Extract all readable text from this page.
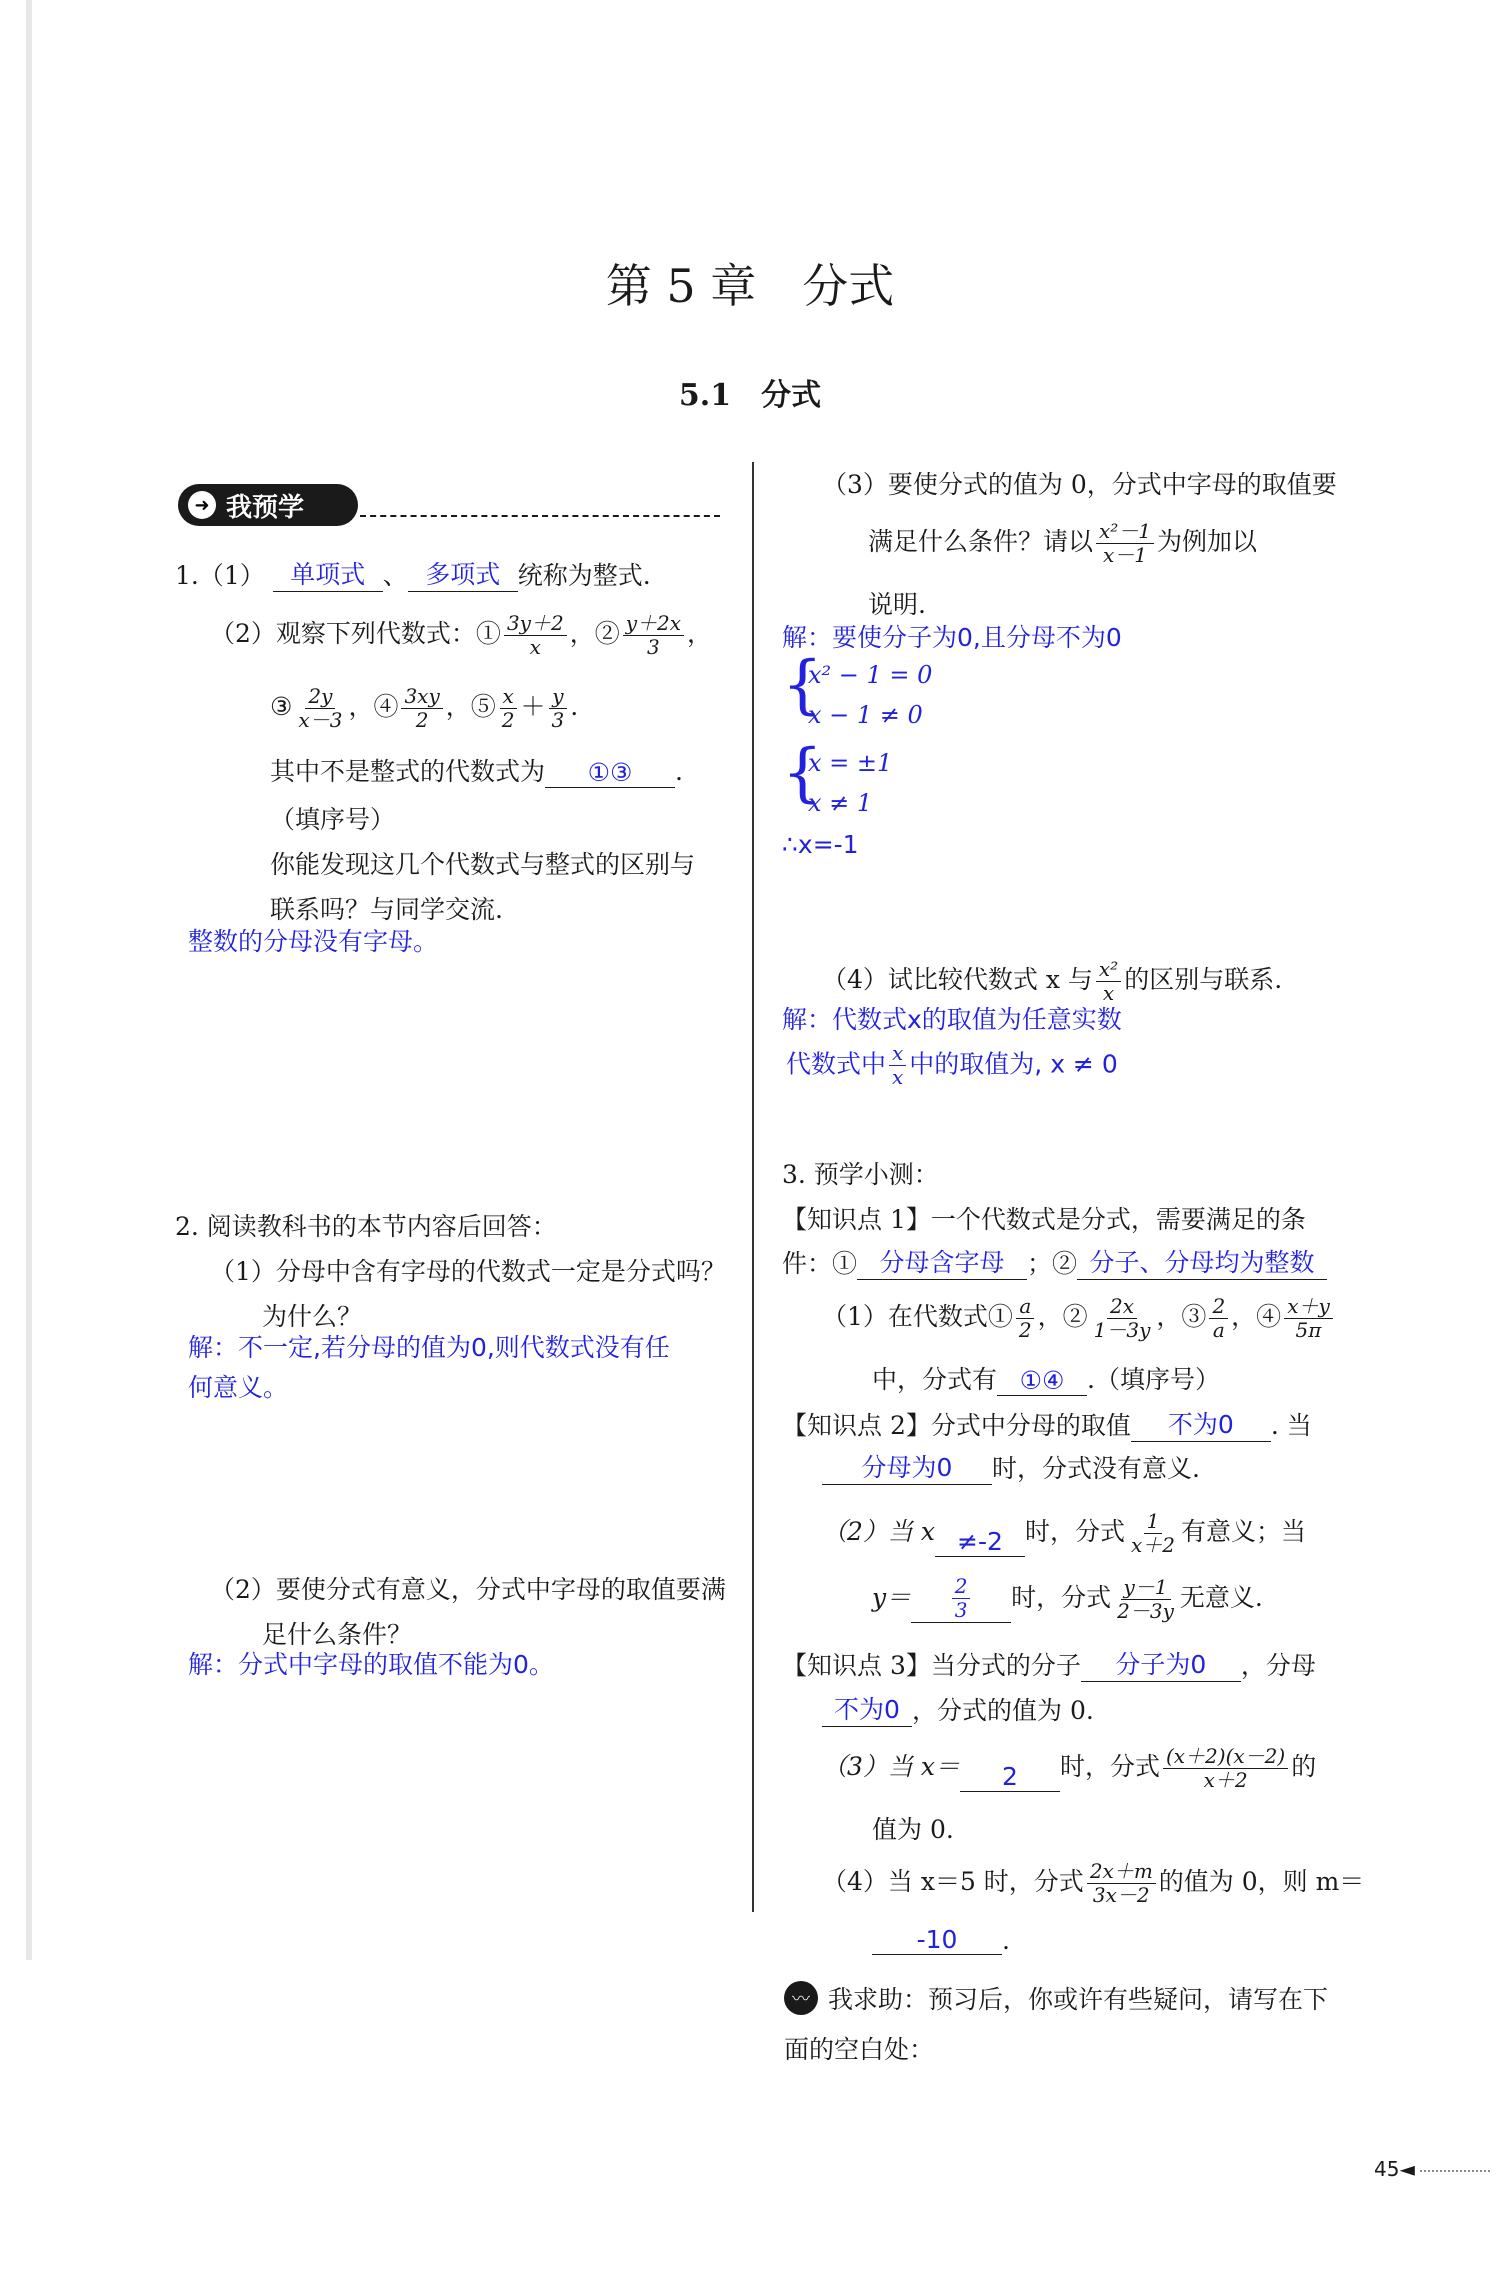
第 5 章　分式
5.1　分式
➜ 我预学
1.（1） 单项式 、 多项式 统称为整式.
（2）观察下列代数式：① $\frac{3y+2}{x}$ ，② $\frac{y+2x}{3}$ ，
③ $\frac{2y}{x-3}$ ，④ $\frac{3xy}{2}$ ，⑤ $\frac{x}{2} + \frac{y}{3}$ .
其中不是整式的代数式为 ①③ .
（填序号）
你能发现这几个代数式与整式的区别与
联系吗？与同学交流.
整数的分母没有字母。
2. 阅读教科书的本节内容后回答：
（1）分母中含有字母的代数式一定是分式吗？
为什么？
解：不一定,若分母的值为0,则代数式没有任
何意义。
（2）要使分式有意义，分式中字母的取值要满
足什么条件？
解：分式中字母的取值不能为0。
（3）要使分式的值为 0，分式中字母的取值要
满足什么条件？请以 $\frac{\text{x²－1}}{x-1}$ 为例加以
说明.
解：要使分子为0,且分母不为0
{
x² − 1 = 0
x − 1 ≠ 0
{
x = ±1
x ≠ 1
∴x=-1
（4）试比较代数式 x 与 $\frac{\text{x²}}{x}$ 的区别与联系.
解：代数式x的取值为任意实数
代数式中 $\frac{x}{x}$ 中的取值为, x ≠ 0
3. 预学小测：
【知识点 1】一个代数式是分式，需要满足的条
件：① 分母含字母 ；② 分子、分母均为整数
（1）在代数式① $\frac{a}{2}$ ，② $\frac{2x}{1-3y}$ ，③ $\frac{2}{a}$ ，④ $\frac{x+y}{5\pi}$
中，分式有 ①④ .（填序号）
【知识点 2】分式中分母的取值 不为0 . 当
分母为0 时，分式没有意义.
（2）当 x ≠-2 时，分式 $\frac{1}{x+2}$ 有意义；当
$y= \frac{2}{3}$ 时，分式 $\frac{y-1}{2-3y}$ 无意义.
【知识点 3】当分式的分子 分子为0 ，分母
不为0 ，分式的值为 0.
（3）当 x＝ 2 时，分式 $\frac{(x+2)(x-2)}{x+2}$ 的
值为 0.
（4）当 x＝5 时，分式 $\frac{2x+m}{3x-2}$ 的值为 0，则 m＝
-10 .
〰 我求助：预习后，你或许有些疑问，请写在下
面的空白处：
45◄
